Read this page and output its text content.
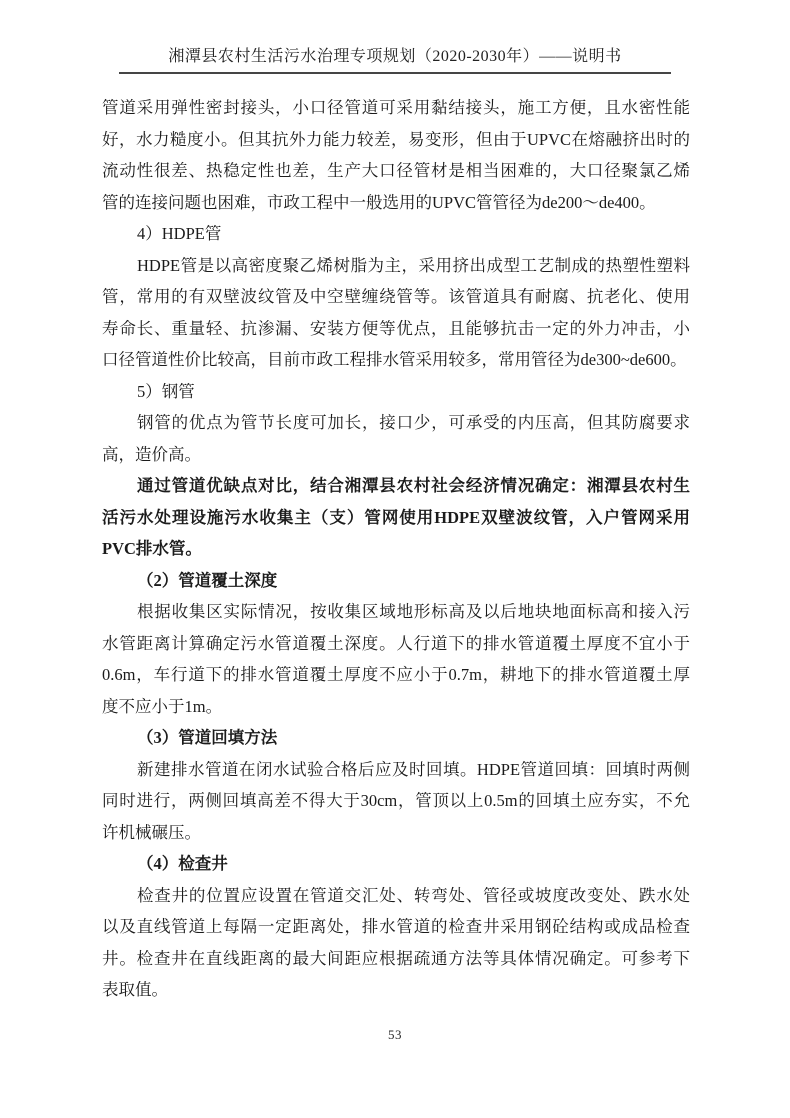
湘潭县农村生活污水治理专项规划（2020-2030年）——说明书
管道采用弹性密封接头，小口径管道可采用黏结接头，施工方便，且水密性能
好，水力糙度小。但其抗外力能力较差，易变形，但由于UPVC在熔融挤出时的
流动性很差、热稳定性也差，生产大口径管材是相当困难的，大口径聚氯乙烯
管的连接问题也困难，市政工程中一般选用的UPVC管管径为de200～de400。
4）HDPE管
HDPE管是以高密度聚乙烯树脂为主，采用挤出成型工艺制成的热塑性塑料
管，常用的有双壁波纹管及中空壁缠绕管等。该管道具有耐腐、抗老化、使用
寿命长、重量轻、抗渗漏、安装方便等优点，且能够抗击一定的外力冲击，小
口径管道性价比较高，目前市政工程排水管采用较多，常用管径为de300~de600。
5）钢管
钢管的优点为管节长度可加长，接口少，可承受的内压高，但其防腐要求
高，造价高。
通过管道优缺点对比，结合湘潭县农村社会经济情况确定：湘潭县农村生
活污水处理设施污水收集主（支）管网使用HDPE双壁波纹管，入户管网采用
PVC排水管。
（2）管道覆土深度
根据收集区实际情况，按收集区域地形标高及以后地块地面标高和接入污
水管距离计算确定污水管道覆土深度。人行道下的排水管道覆土厚度不宜小于
0.6m，车行道下的排水管道覆土厚度不应小于0.7m，耕地下的排水管道覆土厚
度不应小于1m。
（3）管道回填方法
新建排水管道在闭水试验合格后应及时回填。HDPE管道回填：回填时两侧
同时进行，两侧回填高差不得大于30cm，管顶以上0.5m的回填土应夯实，不允
许机械碾压。
（4）检查井
检查井的位置应设置在管道交汇处、转弯处、管径或坡度改变处、跌水处
以及直线管道上每隔一定距离处，排水管道的检查井采用钢砼结构或成品检查
井。检查井在直线距离的最大间距应根据疏通方法等具体情况确定。可参考下
表取值。
53
